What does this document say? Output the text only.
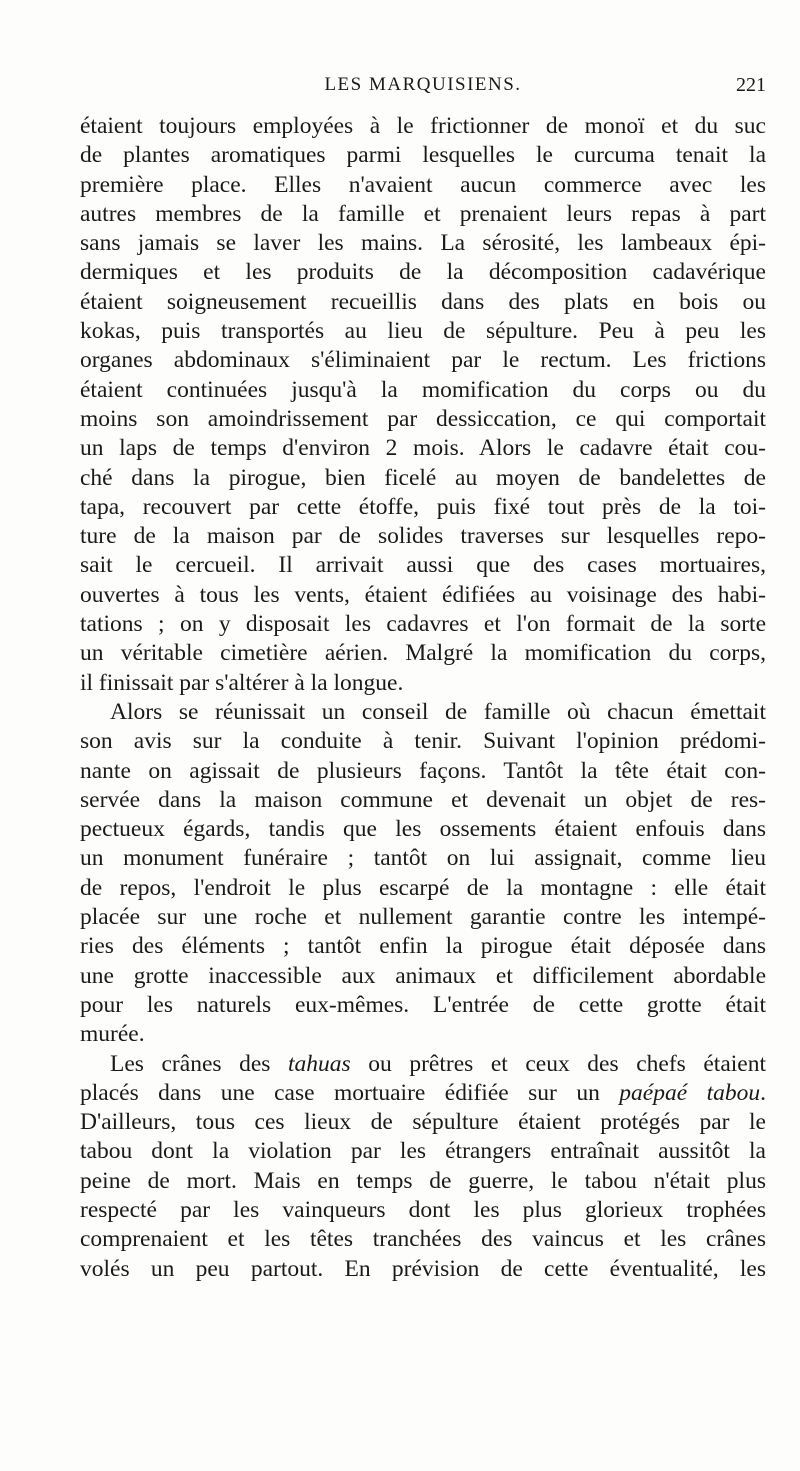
LES MARQUISIENS.	221
étaient toujours employées à le frictionner de monoï et du suc
de plantes aromatiques parmi lesquelles le curcuma tenait la
première place. Elles n'avaient aucun commerce avec les
autres membres de la famille et prenaient leurs repas à part
sans jamais se laver les mains. La sérosité, les lambeaux épi-
dermiques et les produits de la décomposition cadavérique
étaient soigneusement recueillis dans des plats en bois ou
kokas, puis transportés au lieu de sépulture. Peu à peu les
organes abdominaux s'éliminaient par le rectum. Les frictions
étaient continuées jusqu'à la momification du corps ou du
moins son amoindrissement par dessiccation, ce qui comportait
un laps de temps d'environ 2 mois. Alors le cadavre était cou-
ché dans la pirogue, bien ficelé au moyen de bandelettes de
tapa, recouvert par cette étoffe, puis fixé tout près de la toi-
ture de la maison par de solides traverses sur lesquelles repo-
sait le cercueil. Il arrivait aussi que des cases mortuaires,
ouvertes à tous les vents, étaient édifiées au voisinage des habi-
tations ; on y disposait les cadavres et l'on formait de la sorte
un véritable cimetière aérien. Malgré la momification du corps,
il finissait par s'altérer à la longue.
Alors se réunissait un conseil de famille où chacun émettait
son avis sur la conduite à tenir. Suivant l'opinion prédomi-
nante on agissait de plusieurs façons. Tantôt la tête était con-
servée dans la maison commune et devenait un objet de res-
pectueux égards, tandis que les ossements étaient enfouis dans
un monument funéraire ; tantôt on lui assignait, comme lieu
de repos, l'endroit le plus escarpé de la montagne : elle était
placée sur une roche et nullement garantie contre les intempé-
ries des éléments ; tantôt enfin la pirogue était déposée dans
une grotte inaccessible aux animaux et difficilement abordable
pour les naturels eux-mêmes. L'entrée de cette grotte était
murée.
Les crânes des tahuas ou prêtres et ceux des chefs étaient
placés dans une case mortuaire édifiée sur un paépaé tabou.
D'ailleurs, tous ces lieux de sépulture étaient protégés par le
tabou dont la violation par les étrangers entraînait aussitôt la
peine de mort. Mais en temps de guerre, le tabou n'était plus
respecté par les vainqueurs dont les plus glorieux trophées
comprenaient et les têtes tranchées des vaincus et les crânes
volés un peu partout. En prévision de cette éventualité, les
